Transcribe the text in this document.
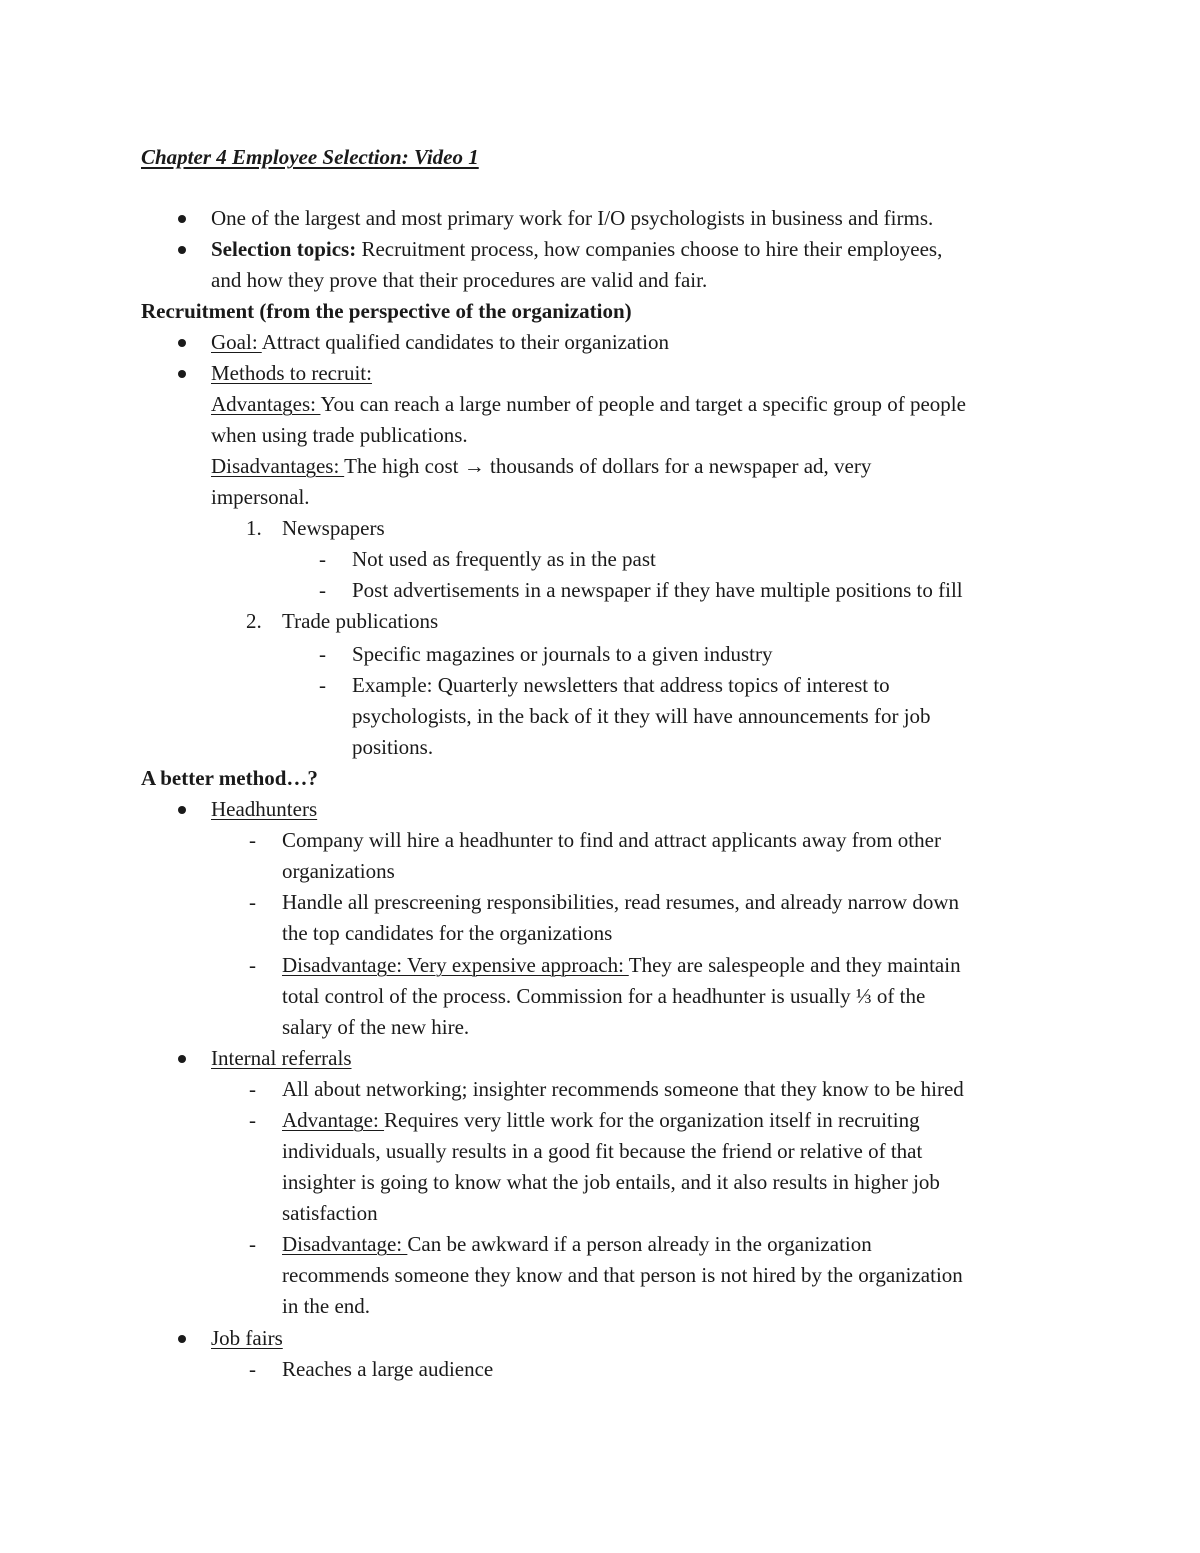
Chapter 4 Employee Selection: Video 1
One of the largest and most primary work for I/O psychologists in business and firms.
Selection topics: Recruitment process, how companies choose to hire their employees,
and how they prove that their procedures are valid and fair.
Recruitment (from the perspective of the organization)
Goal: Attract qualified candidates to their organization
Methods to recruit:
Advantages: You can reach a large number of people and target a specific group of people
when using trade publications.
Disadvantages: The high cost → thousands of dollars for a newspaper ad, very
impersonal.
1. Newspapers
- Not used as frequently as in the past
- Post advertisements in a newspaper if they have multiple positions to fill
2. Trade publications
- Specific magazines or journals to a given industry
- Example: Quarterly newsletters that address topics of interest to
psychologists, in the back of it they will have announcements for job
positions.
A better method…?
Headhunters
- Company will hire a headhunter to find and attract applicants away from other
organizations
- Handle all prescreening responsibilities, read resumes, and already narrow down
the top candidates for the organizations
- Disadvantage: Very expensive approach: They are salespeople and they maintain
total control of the process. Commission for a headhunter is usually ⅓ of the
salary of the new hire.
Internal referrals
- All about networking; insighter recommends someone that they know to be hired
- Advantage: Requires very little work for the organization itself in recruiting
individuals, usually results in a good fit because the friend or relative of that
insighter is going to know what the job entails, and it also results in higher job
satisfaction
- Disadvantage: Can be awkward if a person already in the organization
recommends someone they know and that person is not hired by the organization
in the end.
Job fairs
- Reaches a large audience
